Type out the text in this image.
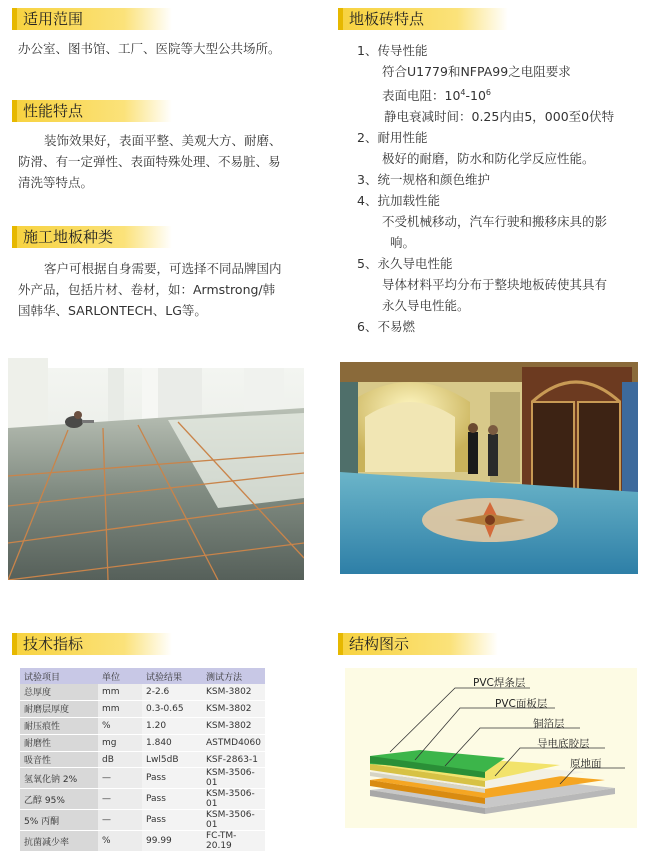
适用范围
办公室、图书馆、工厂、医院等大型公共场所。
性能特点
装饰效果好，表面平整、美观大方、耐磨、
防滑、有一定弹性、表面特殊处理、不易脏、易
清洗等特点。
施工地板种类
客户可根据自身需要，可选择不同品牌国内
外产品，包括片材、卷材，如：Armstrong/韩
国韩华、SARLONTECH、LG等。
地板砖特点
1、传导性能
符合U1779和NFPA99之电阻要求
表面电阻：$10^4-10^6$
静电衰减时间：0.25内由5，000至0伏特
2、耐用性能
极好的耐磨，防水和防化学反应性能。
3、统一规格和颜色维护
4、抗加载性能
不受机械移动，汽车行驶和搬移床具的影
响。
5、永久导电性能
导体材料平均分布于整块地板砖使其具有
永久导电性能。
6、不易燃
技术指标
试验项目	单位	试验结果	测试方法
总厚度	mm	2-2.6	KSM-3802
耐磨层厚度	mm	0.3-0.65	KSM-3802
耐压痕性	%	1.20	KSM-3802
耐磨性	mg	1.840	ASTMD4060
吸音性	dB	Lwl5dB	KSF-2863-1
氢氧化钠 2%	—	Pass	KSM-3506-01
乙醇 95%	—	Pass	KSM-3506-01
5% 丙酮	—	Pass	KSM-3506-01
抗菌减少率	%	99.99	FC-TM-20.19
结构图示
PVC焊条层
PVC面板层
铜箔层
导电底胶层
原地面
